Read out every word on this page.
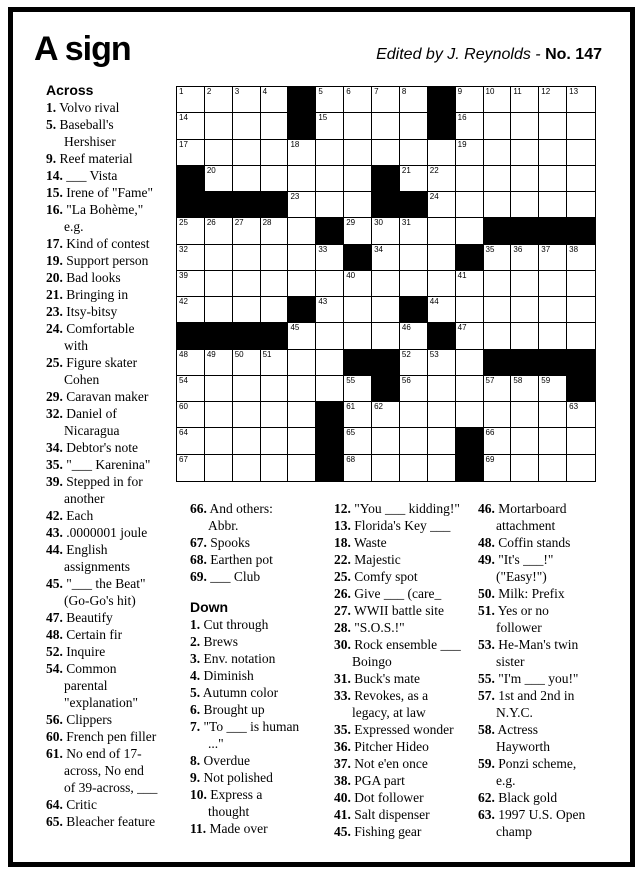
A sign	Edited by J. Reynolds - No. 147
1	2	3	4	5	6	7	8	9	10 11 12 13
14	15	16
17	18	19
20	21 22
23	24
25 26 27 28	29 30 31
32	33	34	35 36 37 38
39	40	41
42	43	44
45	46	47
48 49 50 51	52 53
54	55	56	57 58 59
60	61 62	63
64	65	66
67	68	69
Across
1. Volvo rival
5. Baseball's
Hershiser
9. Reef material
14. ___ Vista
15. Irene of "Fame"
16. "La Bohème,"
e.g.
17. Kind of contest
19. Support person
20. Bad looks
21. Bringing in
23. Itsy-bitsy
24. Comfortable
with
25. Figure skater
Cohen
29. Caravan maker
32. Daniel of
Nicaragua
34. Debtor's note
35. "___ Karenina"
39. Stepped in for
another
42. Each
43. .0000001 joule
44. English
assignments
45. "___ the Beat"
(Go-Go's hit)
47. Beautify
48. Certain fir
52. Inquire
54. Common
parental
"explanation"
56. Clippers
60. French pen filler
61. No end of 17-
across, No end
of 39-across, ___
64. Critic
65. Bleacher feature
66. And others:
Abbr.
67. Spooks
68. Earthen pot
69. ___ Club
Down
1. Cut through
2. Brews
3. Env. notation
4. Diminish
5. Autumn color
6. Brought up
7. "To ___ is human
..."
8. Overdue
9. Not polished
10. Express a
thought
11. Made over
12. "You ___ kidding!"
13. Florida's Key ___
18. Waste
22. Majestic
25. Comfy spot
26. Give ___ (care_
27. WWII battle site
28. "S.O.S.!"
30. Rock ensemble ___
Boingo
31. Buck's mate
33. Revokes, as a
legacy, at law
35. Expressed wonder
36. Pitcher Hideo
37. Not e'en once
38. PGA part
40. Dot follower
41. Salt dispenser
45. Fishing gear
46. Mortarboard
attachment
48. Coffin stands
49. "It's ___!"
("Easy!")
50. Milk: Prefix
51. Yes or no
follower
53. He-Man's twin
sister
55. "I'm ___ you!"
57. 1st and 2nd in
N.Y.C.
58. Actress
Hayworth
59. Ponzi scheme,
e.g.
62. Black gold
63. 1997 U.S. Open
champ
